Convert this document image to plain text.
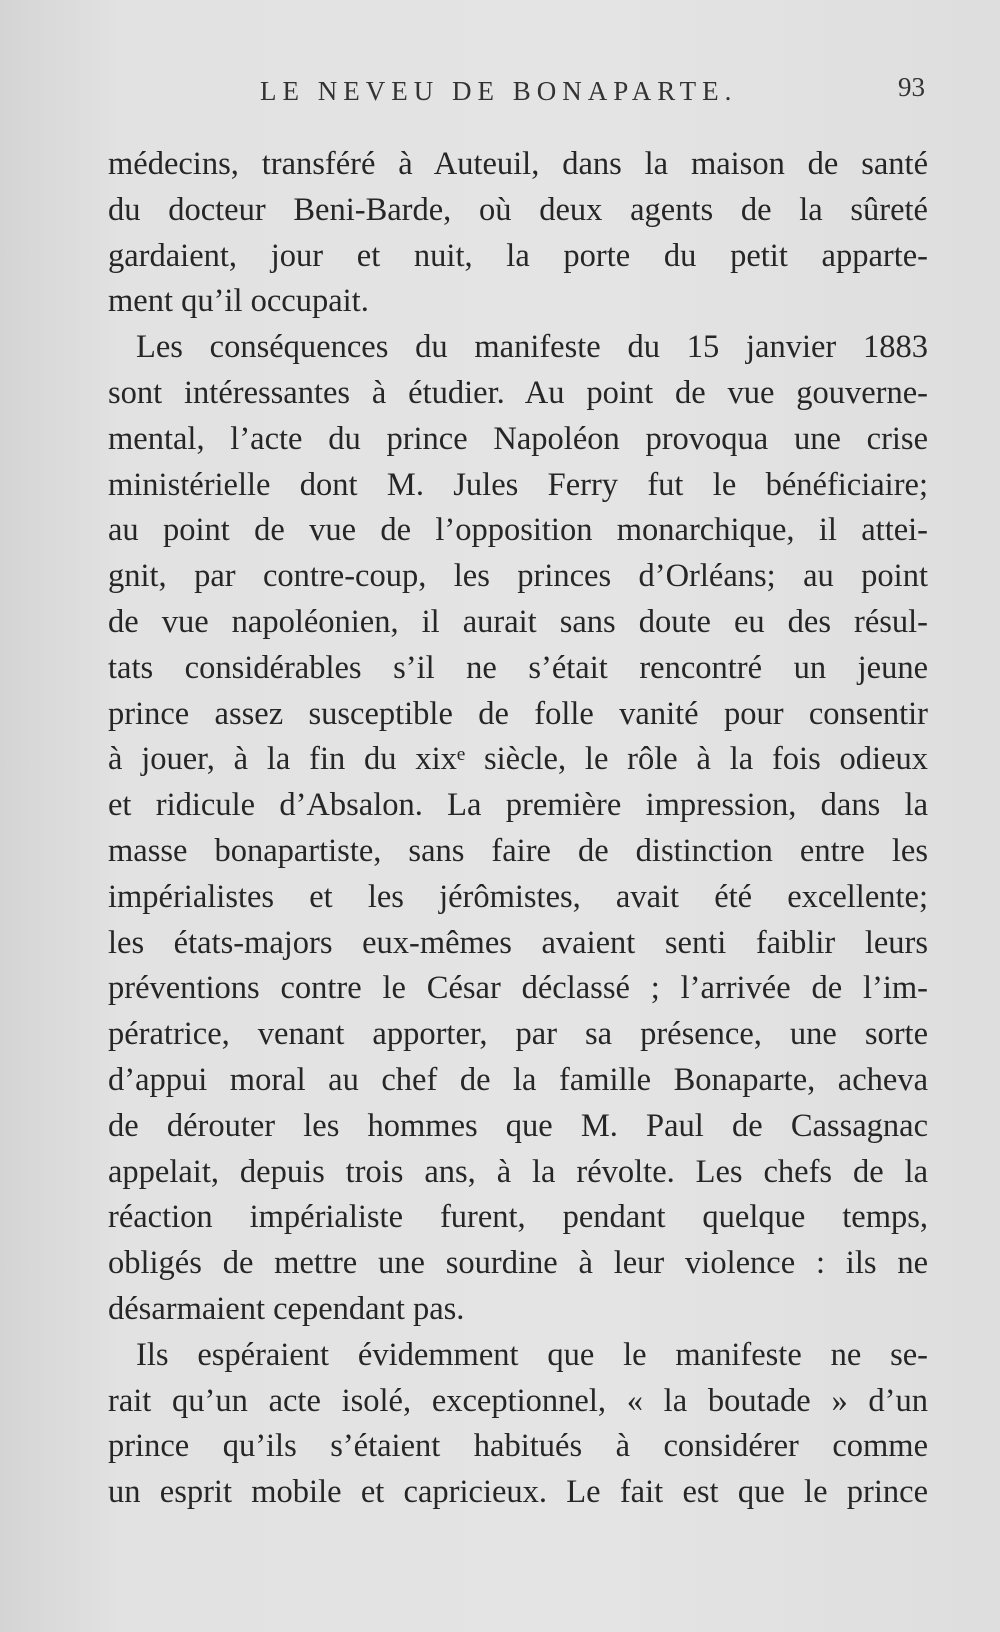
LE NEVEU DE BONAPARTE.	93

médecins, transféré à Auteuil, dans la maison de santé
du docteur Beni-Barde, où deux agents de la sûreté
gardaient, jour et nuit, la porte du petit apparte-
ment qu’il occupait.

Les conséquences du manifeste du 15 janvier 1883
sont intéressantes à étudier. Au point de vue gouverne-
mental, l’acte du prince Napoléon provoqua une crise
ministérielle dont M. Jules Ferry fut le bénéficiaire;
au point de vue de l’opposition monarchique, il attei-
gnit, par contre-coup, les princes d’Orléans; au point
de vue napoléonien, il aurait sans doute eu des résul-
tats considérables s’il ne s’était rencontré un jeune
prince assez susceptible de folle vanité pour consentir
à jouer, à la fin du xixᵉ siècle, le rôle à la fois odieux
et ridicule d’Absalon. La première impression, dans la
masse bonapartiste, sans faire de distinction entre les
impérialistes et les jérômistes, avait été excellente;
les états-majors eux-mêmes avaient senti faiblir leurs
préventions contre le César déclassé ; l’arrivée de l’im-
pératrice, venant apporter, par sa présence, une sorte
d’appui moral au chef de la famille Bonaparte, acheva
de dérouter les hommes que M. Paul de Cassagnac
appelait, depuis trois ans, à la révolte. Les chefs de la
réaction impérialiste furent, pendant quelque temps,
obligés de mettre une sourdine à leur violence : ils ne
désarmaient cependant pas.

Ils espéraient évidemment que le manifeste ne se-
rait qu’un acte isolé, exceptionnel, « la boutade » d’un
prince qu’ils s’étaient habitués à considérer comme
un esprit mobile et capricieux. Le fait est que le prince
